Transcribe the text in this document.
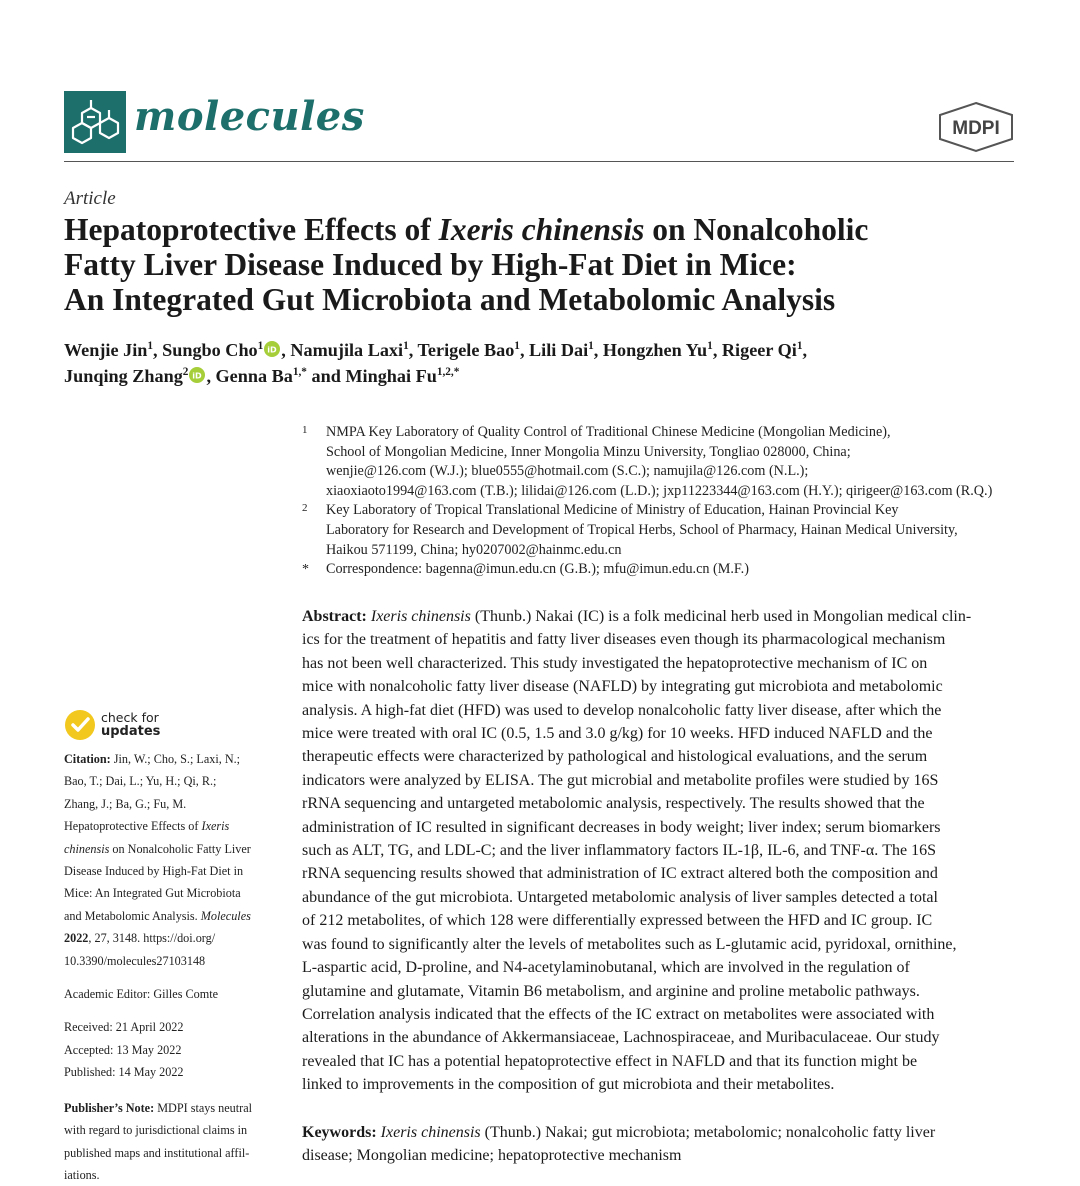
molecules	MDPI
Article
Hepatoprotective Effects of Ixeris chinensis on Nonalcoholic
Fatty Liver Disease Induced by High-Fat Diet in Mice:
An Integrated Gut Microbiota and Metabolomic Analysis
Wenjie Jin$^1$, Sungbo Cho$^1$ iD , Namujila Laxi$^1$, Terigele Bao$^1$, Lili Dai$^1$, Hongzhen Yu$^1$, Rigeer Qi$^1$,
Junqing Zhang$^2$ iD , Genna $Ba^{1,*}$ and Minghai $Fu^{1,2,*}$
1 NMPA Key Laboratory of Quality Control of Traditional Chinese Medicine (Mongolian Medicine),
School of Mongolian Medicine, Inner Mongolia Minzu University, Tongliao 028000, China;
wenjie@126.com (W.J.); blue0555@hotmail.com (S.C.); namujila@126.com (N.L.);
xiaoxiaoto1994@163.com (T.B.); lilidai@126.com (L.D.); jxp11223344@163.com (H.Y.); qirigeer@163.com (R.Q.)
2 Key Laboratory of Tropical Translational Medicine of Ministry of Education, Hainan Provincial Key
Laboratory for Research and Development of Tropical Herbs, School of Pharmacy, Hainan Medical University,
Haikou 571199, China; hy0207002@hainmc.edu.cn
* Correspondence: bagenna@imun.edu.cn (G.B.); mfu@imun.edu.cn (M.F.)
Abstract: Ixeris chinensis (Thunb.) Nakai (IC) is a folk medicinal herb used in Mongolian medical clin-
ics for the treatment of hepatitis and fatty liver diseases even though its pharmacological mechanism
has not been well characterized. This study investigated the hepatoprotective mechanism of IC on
mice with nonalcoholic fatty liver disease (NAFLD) by integrating gut microbiota and metabolomic
analysis. A high-fat diet (HFD) was used to develop nonalcoholic fatty liver disease, after which the
mice were treated with oral IC (0.5, 1.5 and 3.0 g/kg) for 10 weeks. HFD induced NAFLD and the
therapeutic effects were characterized by pathological and histological evaluations, and the serum
indicators were analyzed by ELISA. The gut microbial and metabolite profiles were studied by 16S
rRNA sequencing and untargeted metabolomic analysis, respectively. The results showed that the
administration of IC resulted in significant decreases in body weight; liver index; serum biomarkers
such as ALT, TG, and LDL-C; and the liver inflammatory factors IL-1β, IL-6, and TNF-α. The 16S
rRNA sequencing results showed that administration of IC extract altered both the composition and
abundance of the gut microbiota. Untargeted metabolomic analysis of liver samples detected a total
of 212 metabolites, of which 128 were differentially expressed between the HFD and IC group. IC
was found to significantly alter the levels of metabolites such as L-glutamic acid, pyridoxal, ornithine,
L-aspartic acid, D-proline, and N4-acetylaminobutanal, which are involved in the regulation of
glutamine and glutamate, Vitamin B6 metabolism, and arginine and proline metabolic pathways.
Correlation analysis indicated that the effects of the IC extract on metabolites were associated with
alterations in the abundance of Akkermansiaceae, Lachnospiraceae, and Muribaculaceae. Our study
revealed that IC has a potential hepatoprotective effect in NAFLD and that its function might be
linked to improvements in the composition of gut microbiota and their metabolites.
Keywords: Ixeris chinensis (Thunb.) Nakai; gut microbiota; metabolomic; nonalcoholic fatty liver
disease; Mongolian medicine; hepatoprotective mechanism
check for
updates
Citation: Jin, W.; Cho, S.; Laxi, N.;
Bao, T.; Dai, L.; Yu, H.; Qi, R.;
Zhang, J.; Ba, G.; Fu, M.
Hepatoprotective Effects of Ixeris
chinensis on Nonalcoholic Fatty Liver
Disease Induced by High-Fat Diet in
Mice: An Integrated Gut Microbiota
and Metabolomic Analysis. Molecules
2022, 27, 3148. https://doi.org/
10.3390/molecules27103148
Academic Editor: Gilles Comte
Received: 21 April 2022
Accepted: 13 May 2022
Published: 14 May 2022
Publisher’s Note: MDPI stays neutral
with regard to jurisdictional claims in
published maps and institutional affil-
iations.
